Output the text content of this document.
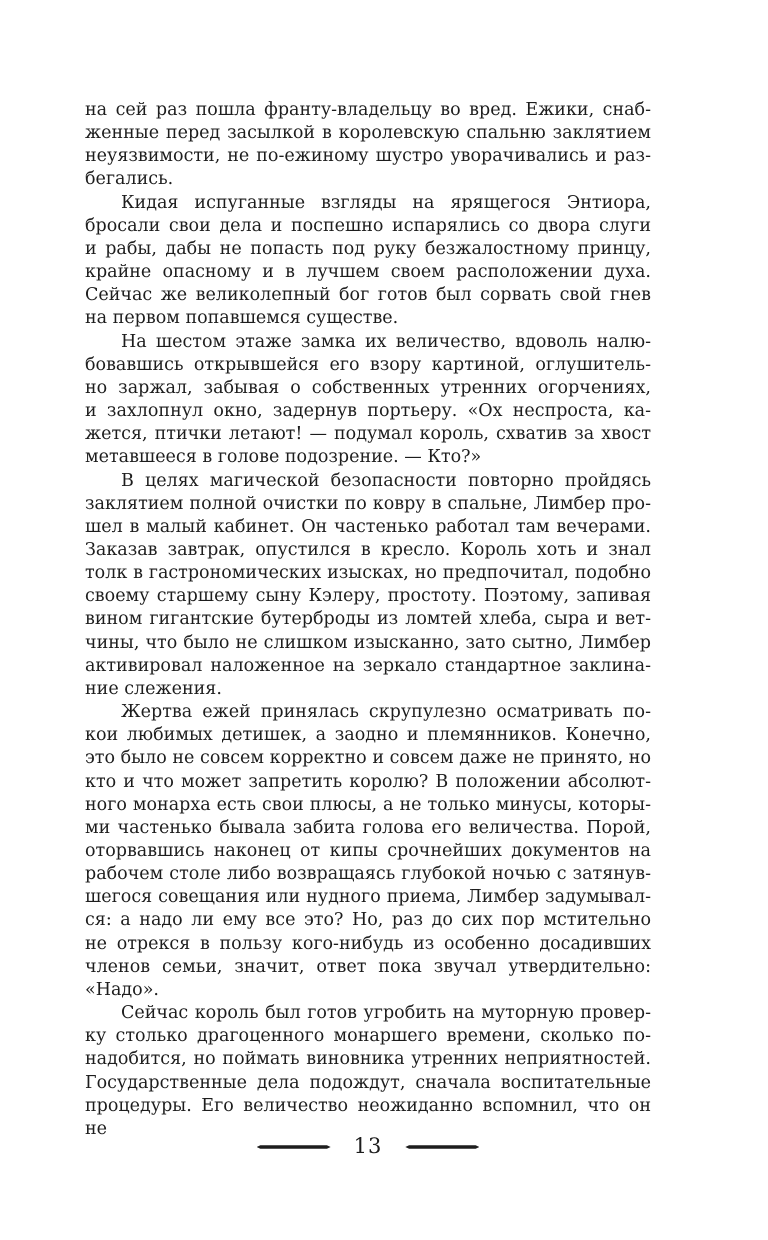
на сей раз пошла франту-владельцу во вред. Ежики, снаб-
женные перед засылкой в королевскую спальню заклятием
неуязвимости, не по-ежиному шустро уворачивались и раз-
бегались.
Кидая испуганные взгляды на ярящегося Энтиора,
бросали свои дела и поспешно испарялись со двора слуги
и рабы, дабы не попасть под руку безжалостному принцу,
крайне опасному и в лучшем своем расположении духа.
Сейчас же великолепный бог готов был сорвать свой гнев
на первом попавшемся существе.
На шестом этаже замка их величество, вдоволь налю-
бовавшись открывшейся его взору картиной, оглушитель-
но заржал, забывая о собственных утренних огорчениях,
и захлопнул окно, задернув портьеру. «Ох неспроста, ка-
жется, птички летают! — подумал король, схватив за хвост
метавшееся в голове подозрение. — Кто?»
В целях магической безопасности повторно пройдясь
заклятием полной очистки по ковру в спальне, Лимбер про-
шел в малый кабинет. Он частенько работал там вечерами.
Заказав завтрак, опустился в кресло. Король хоть и знал
толк в гастрономических изысках, но предпочитал, подобно
своему старшему сыну Кэлеру, простоту. Поэтому, запивая
вином гигантские бутерброды из ломтей хлеба, сыра и вет-
чины, что было не слишком изысканно, зато сытно, Лимбер
активировал наложенное на зеркало стандартное заклина-
ние слежения.
Жертва ежей принялась скрупулезно осматривать по-
кои любимых детишек, а заодно и племянников. Конечно,
это было не совсем корректно и совсем даже не принято, но
кто и что может запретить королю? В положении абсолют-
ного монарха есть свои плюсы, а не только минусы, которы-
ми частенько бывала забита голова его величества. Порой,
оторвавшись наконец от кипы срочнейших документов на
рабочем столе либо возвращаясь глубокой ночью с затянув-
шегося совещания или нудного приема, Лимбер задумывал-
ся: а надо ли ему все это? Но, раз до сих пор мстительно
не отрекся в пользу кого-нибудь из особенно досадивших
членов семьи, значит, ответ пока звучал утвердительно:
«Надо».
Сейчас король был готов угробить на муторную провер-
ку столько драгоценного монаршего времени, сколько по-
надобится, но поймать виновника утренних неприятностей.
Государственные дела подождут, сначала воспитательные
процедуры. Его величество неожиданно вспомнил, что он не
13
